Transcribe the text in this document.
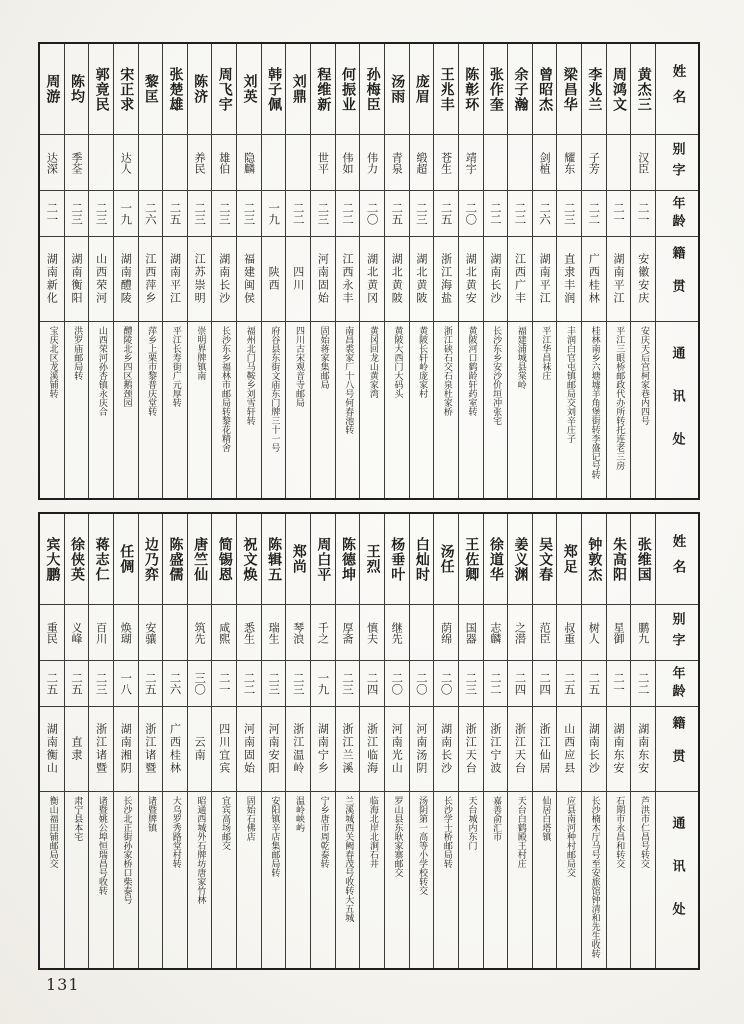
姓名
别字
年龄
籍贯
通讯处
黄杰三
汉臣
二一
安徽安庆
安庆天后宫柯家巷内四号
周鸿文
二一
湖南平江
平江三眼桥邮政代办所转托连老三房
李兆兰
子芳
二二
广西桂林
桂林南乡六塘墟羊角堡街转李盛记号转
梁昌华
耀东
二三
直隶丰润
丰润白官屯镇邮局交刘辛庄子
曾昭杰
剑植
二六
湖南平江
平江华昌袜庄
余子瀚
二二
江西广丰
福建浦城县棠岭
张作奎
二二
湖南长沙
长沙东乡安沙价垣冲张宅
陈彰环
靖宇
二〇
湖北黄安
黄陂河口鹤龄轩药室转
王兆丰
苍生
二五
浙江海盐
浙江硖石交石泉杜家桥
庞眉
缎超
二三
湖北黄陂
黄陂长轩岭庞家村
汤雨
青泉
二五
湖北黄陂
黄陂大西门大码头
孙梅臣
伟力
二〇
湖北黄冈
黄冈回龙山黄家湾
何振业
伟如
二二
江西永丰
南昌裘家厂十八号何春池转
程维新
世平
二三
河南固始
固始蒋家集邮局
刘鼎
二二
四川
四川古宋观音寺邮局
韩子佩
一九
陕西
府谷县东街文庙东门牌三十一号
刘英
隐麟
二三
福建闽侯
福州北门马鞍乡刘雪轩转
周飞宇
雄伯
二三
湖南长沙
长沙东乡福林市邮局转黎花精舍
陈济
养民
二三
江苏崇明
崇明界牌镇南
张楚雄
二五
湖南平江
平江长寿街广元厚转
黎匡
二六
江西萍乡
萍乡上栗市黎普庆堂转
宋正求
达人
一九
湖南醴陵
醴陵北乡四区鹅颈园
郭竟民
二三
山西荣河
山西荣河孙杏镇永庆合
陈均
季荃
二三
湖南衡阳
洪罗庙邮局转
周游
达深
二一
湖南新化
宝庆北区龙溪铺转
姓名
别字
年龄
籍贯
通讯处
张维国
鹏九
二二
湖南东安
芦洪市仁昌号转交
朱高阳
星御
二一
湖南东安
石期市永昌和转交
钟敦杰
树人
二五
湖南长沙
长沙楠木厅马号至安旅馆钟清和先生收转
郑足
叔重
二五
山西应县
应县南河种村邮局交
吴文春
范臣
二四
浙江仙居
仙居白塔镇
姜义渊
之潜
二四
浙江天台
天台白鹤殿王村庄
徐道华
志麟
二二
浙江宁波
嘉善俞汇市
王佐卿
国器
二三
浙江天台
天台城内东门
汤任
荫绵
二〇
湖南长沙
长沙学士桥邮局转
白灿时
二〇
河南汤阴
汤阴第一高等小学校转交
杨垂叶
继先
二〇
河南光山
罗山县东耿家寨邮交
王烈
慎夫
二四
浙江临海
临海北岸北涧石井
陈德坤
厚斋
二三
浙江兰溪
兰溪城西关阙春茂号收转大五城
周白平
千之
一九
湖南宁乡
宁乡唐市周乾泰转
郑尚
琴浪
二三
浙江温岭
温岭峡屿
陈辑五
瑞生
二三
河南安阳
安阳镇辛店集邮局转
祝文焕
悉生
二二
河南固始
固始石佛店
简锡恩
咸熙
二一
四川宜宾
宜宾高场邮交
唐竺仙
筑先
三〇
云南
昭通西城外石牌坊唐家竹林
陈盛儒
二六
广西桂林
大乌罗秀路堂村转
边乃弈
安骧
二五
浙江诸暨
诸暨牌镇
任倜
焕瑚
一八
湖南湘阴
长沙北正街孙家桥口柴泰号
蒋志仁
百川
二三
浙江诸暨
诸暨姚公埠恒瑞昌号收转
徐侠英
义峰
二五
直隶
肃宁县本宅
宾大鹏
重民
二五
湖南衡山
衡山福田铺邮局交
131
